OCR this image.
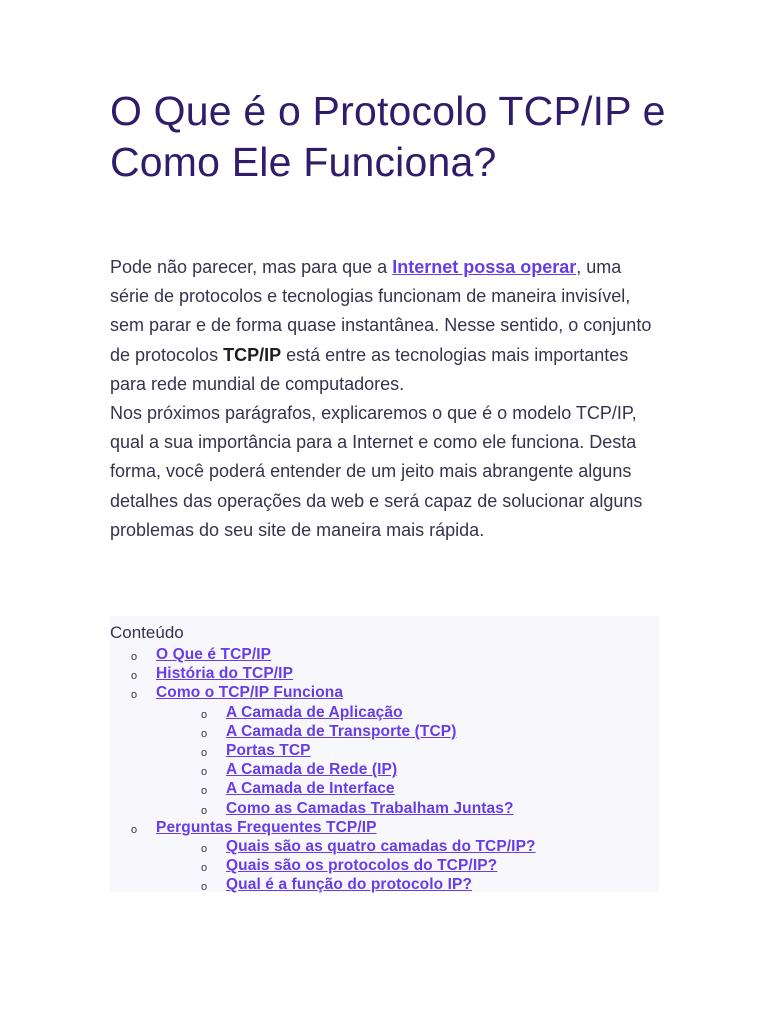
O Que é o Protocolo TCP/IP e Como Ele Funciona?

Pode não parecer, mas para que a Internet possa operar, uma série de protocolos e tecnologias funcionam de maneira invisível, sem parar e de forma quase instantânea. Nesse sentido, o conjunto de protocolos TCP/IP está entre as tecnologias mais importantes para rede mundial de computadores.

Nos próximos parágrafos, explicaremos o que é o modelo TCP/IP, qual a sua importância para a Internet e como ele funciona. Desta forma, você poderá entender de um jeito mais abrangente alguns detalhes das operações da web e será capaz de solucionar alguns problemas do seu site de maneira mais rápida.

Conteúdo
o O Que é TCP/IP
o História do TCP/IP
o Como o TCP/IP Funciona
o A Camada de Aplicação
o A Camada de Transporte (TCP)
o Portas TCP
o A Camada de Rede (IP)
o A Camada de Interface
o Como as Camadas Trabalham Juntas?
o Perguntas Frequentes TCP/IP
o Quais são as quatro camadas do TCP/IP?
o Quais são os protocolos do TCP/IP?
o Qual é a função do protocolo IP?
